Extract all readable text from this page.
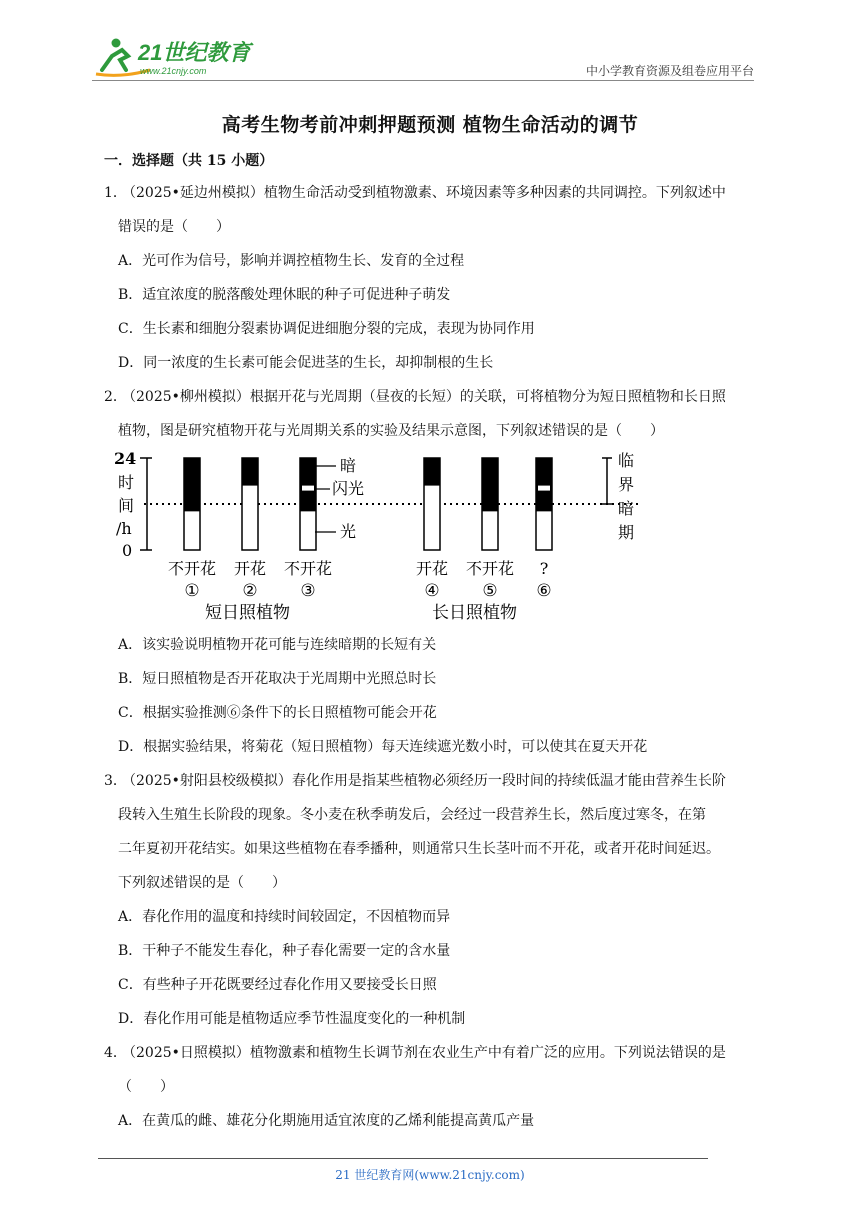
21世纪教育
www.21cnjy.com	中小学教育资源及组卷应用平台
高考生物考前冲刺押题预测 植物生命活动的调节
一．选择题（共 15 小题）
1．（2025•延边州模拟）植物生命活动受到植物激素、环境因素等多种因素的共同调控。下列叙述中
错误的是（　　）
A．光可作为信号，影响并调控植物生长、发育的全过程
B．适宜浓度的脱落酸处理休眠的种子可促进种子萌发
C．生长素和细胞分裂素协调促进细胞分裂的完成，表现为协同作用
D．同一浓度的生长素可能会促进茎的生长，却抑制根的生长
2．（2025•柳州模拟）根据开花与光周期（昼夜的长短）的关联，可将植物分为短日照植物和长日照
植物，图是研究植物开花与光周期关系的实验及结果示意图，下列叙述错误的是（　　）
24
时
间
/h
0
不开花
①
开花
②
不开花
③
开花
④
不开花
⑤
?
⑥
暗
闪光
光
临
界
暗
期
短日照植物	长日照植物
A．该实验说明植物开花可能与连续暗期的长短有关
B．短日照植物是否开花取决于光周期中光照总时长
C．根据实验推测⑥条件下的长日照植物可能会开花
D．根据实验结果，将菊花（短日照植物）每天连续遮光数小时，可以使其在夏天开花
3．（2025•射阳县校级模拟）春化作用是指某些植物必须经历一段时间的持续低温才能由营养生长阶
段转入生殖生长阶段的现象。冬小麦在秋季萌发后，会经过一段营养生长，然后度过寒冬，在第
二年夏初开花结实。如果这些植物在春季播种，则通常只生长茎叶而不开花，或者开花时间延迟。
下列叙述错误的是（　　）
A．春化作用的温度和持续时间较固定，不因植物而异
B．干种子不能发生春化，种子春化需要一定的含水量
C．有些种子开花既要经过春化作用又要接受长日照
D．春化作用可能是植物适应季节性温度变化的一种机制
4．（2025•日照模拟）植物激素和植物生长调节剂在农业生产中有着广泛的应用。下列说法错误的是
（　　）
A．在黄瓜的雌、雄花分化期施用适宜浓度的乙烯利能提高黄瓜产量
21 世纪教育网(www.21cnjy.com)
